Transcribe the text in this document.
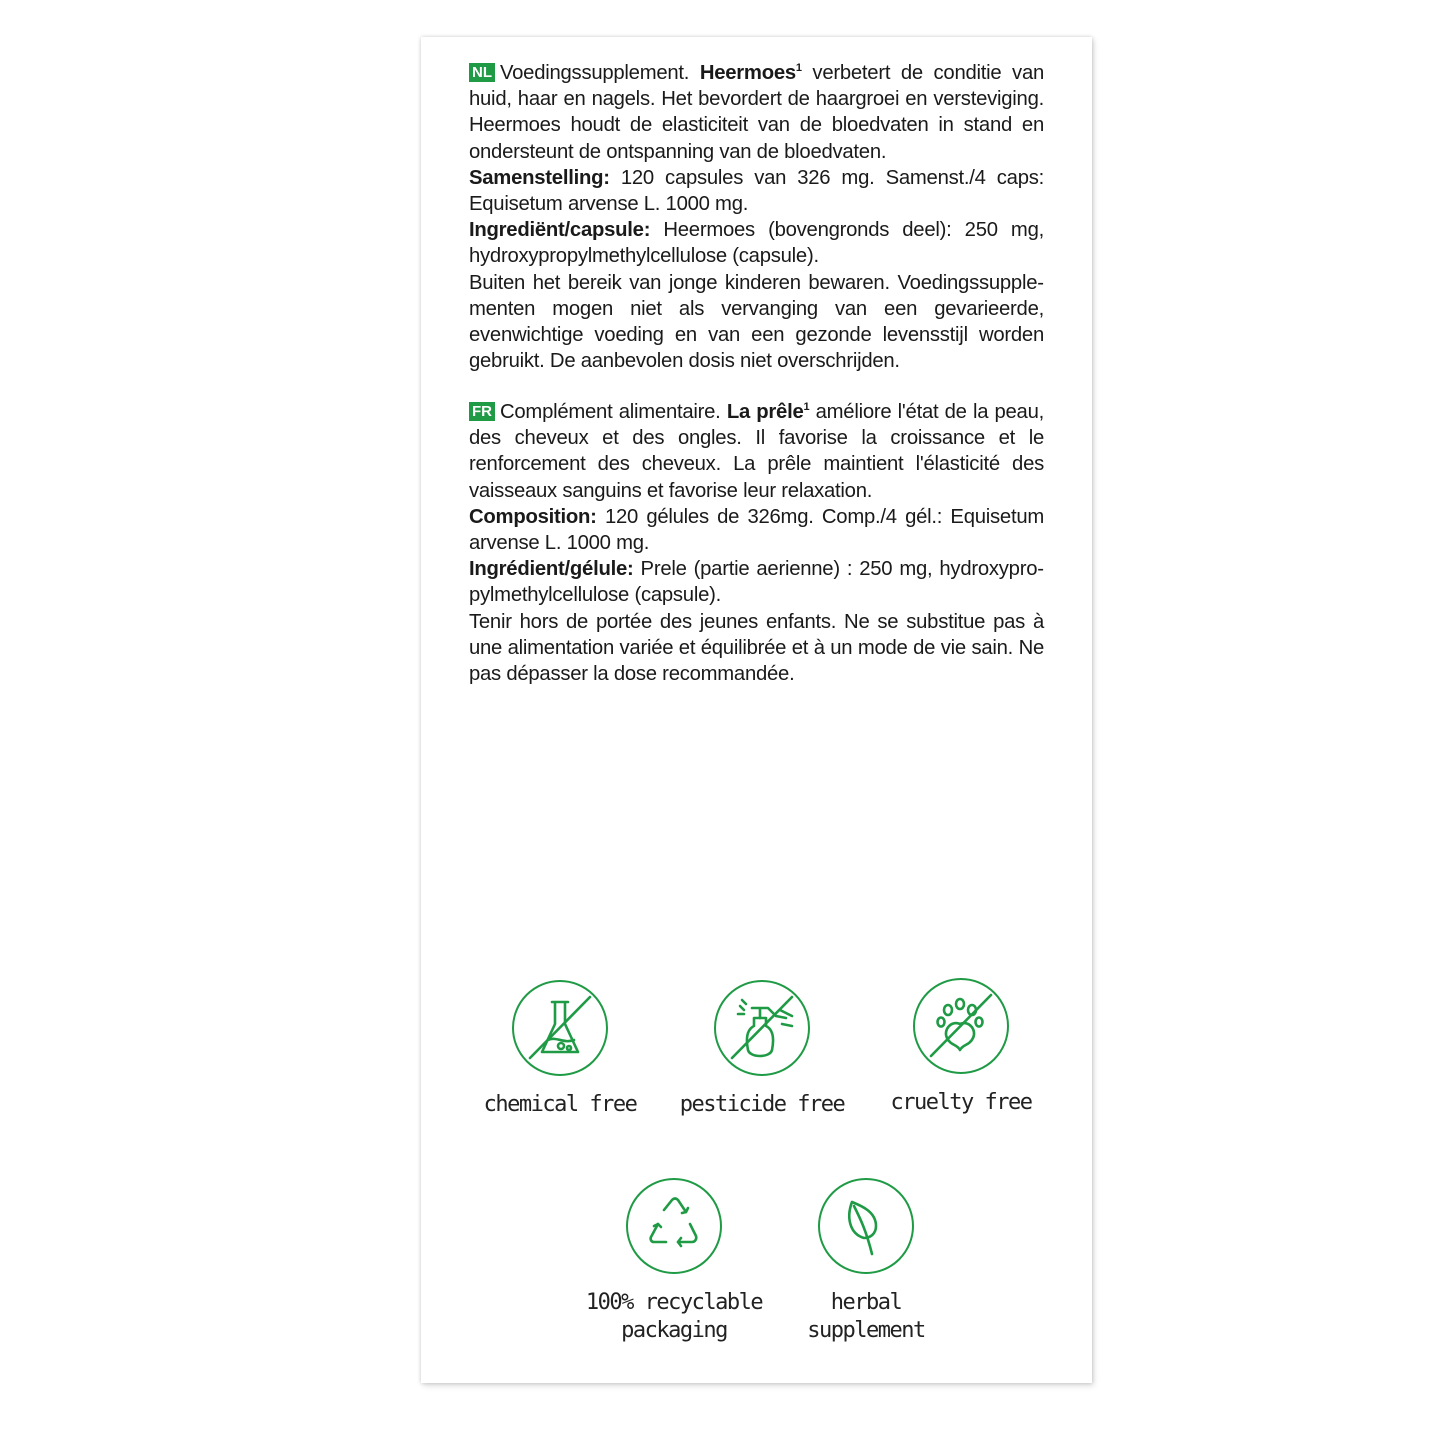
NL Voedingssupplement. Heermoes$^1$ verbetert de conditie van huid, haar en nagels. Het bevordert de haargroei en versteviging. Heermoes houdt de elasticiteit van de bloedvaten in stand en ondersteunt de ontspanning van de bloedvaten.

Samenstelling: 120 capsules van 326 mg. Samenst./4 caps: Equisetum arvense L. 1000 mg.

Ingrediënt/capsule: Heermoes (bovengronds deel): 250 mg, hydroxypropylmethylcellulose (capsule).

Buiten het bereik van jonge kinderen bewaren. Voedingssupplementen mogen niet als vervanging van een gevarieerde, evenwichtige voeding en van een gezonde levensstijl worden gebruikt. De aanbevolen dosis niet overschrijden.

FR Complément alimentaire. La prêle$^1$ améliore l'état de la peau, des cheveux et des ongles. Il favorise la croissance et le renforcement des cheveux. La prêle maintient l'élasticité des vaisseaux sanguins et favorise leur relaxation.

Composition: 120 gélules de 326mg. Comp./4 gél.: Equisetum arvense L. 1000 mg.

Ingrédient/gélule: Prele (partie aerienne) : 250 mg, hydroxypropylmethylcellulose (capsule).

Tenir hors de portée des jeunes enfants. Ne se substitue pas à une alimentation variée et équilibrée et à un mode de vie sain. Ne pas dépasser la dose recommandée.

chemical free	pesticide free	cruelty free
100% recyclable
packaging
herbal
supplement
